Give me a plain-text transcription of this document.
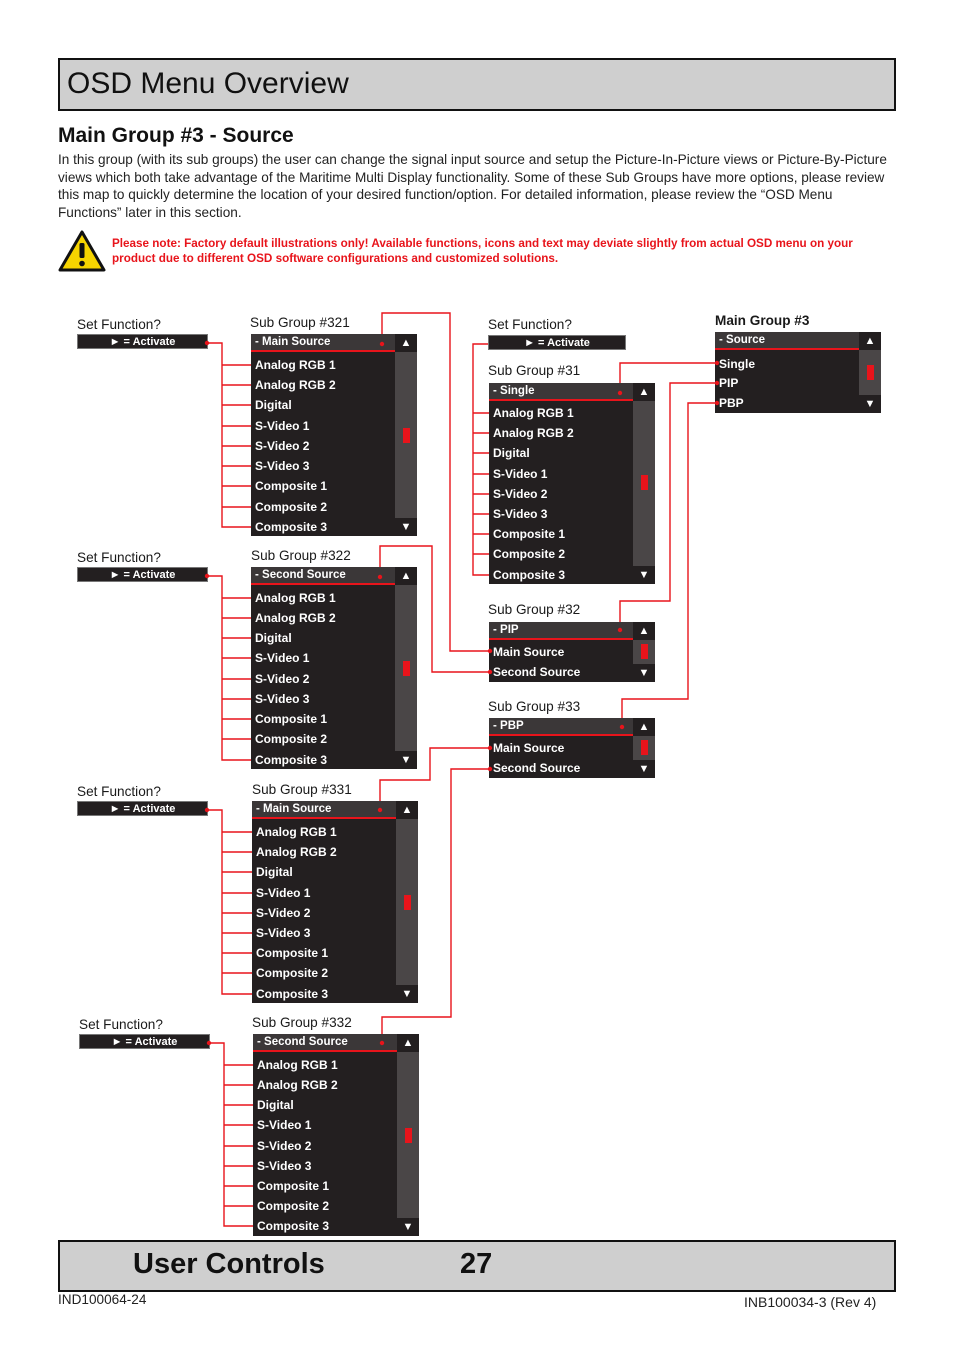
OSD Menu Overview
Main Group #3 - Source
In this group (with its sub groups) the user can change the signal input source and setup the Picture-In-Picture views or Picture-By-Picture views which both take advantage of the Maritime Multi Display functionality. Some of these Sub Groups have more options, please review this map to quickly determine the location of your desired function/option. For detailed information, please review the “OSD Menu Functions” later in this section.
Please note: Factory default illustrations only! Available functions, icons and text may deviate slightly from actual OSD menu on your product due to different OSD software configurations and customized solutions.
Main Group #3
- Source
Single
PIP
PBP
▲
▼
Set Function?
► = Activate
Sub Group #31
- Single
Analog RGB 1
Analog RGB 2
Digital
S-Video 1
S-Video 2
S-Video 3
Composite 1
Composite 2
Composite 3
▲
▼
Sub Group #32
- PIP
Main Source
Second Source
▲
▼
Sub Group #33
- PBP
Main Source
Second Source
▲
▼
Set Function?
► = Activate
Sub Group #321
- Main Source
Analog RGB 1
Analog RGB 2
Digital
S-Video 1
S-Video 2
S-Video 3
Composite 1
Composite 2
Composite 3
▲
▼
Set Function?
► = Activate
Sub Group #322
- Second Source
Analog RGB 1
Analog RGB 2
Digital
S-Video 1
S-Video 2
S-Video 3
Composite 1
Composite 2
Composite 3
▲
▼
Set Function?
► = Activate
Sub Group #331
- Main Source
Analog RGB 1
Analog RGB 2
Digital
S-Video 1
S-Video 2
S-Video 3
Composite 1
Composite 2
Composite 3
▲
▼
Set Function?
► = Activate
Sub Group #332
- Second Source
Analog RGB 1
Analog RGB 2
Digital
S-Video 1
S-Video 2
S-Video 3
Composite 1
Composite 2
Composite 3
▲
▼
User Controls	27
IND100064-24	INB100034-3 (Rev 4)
